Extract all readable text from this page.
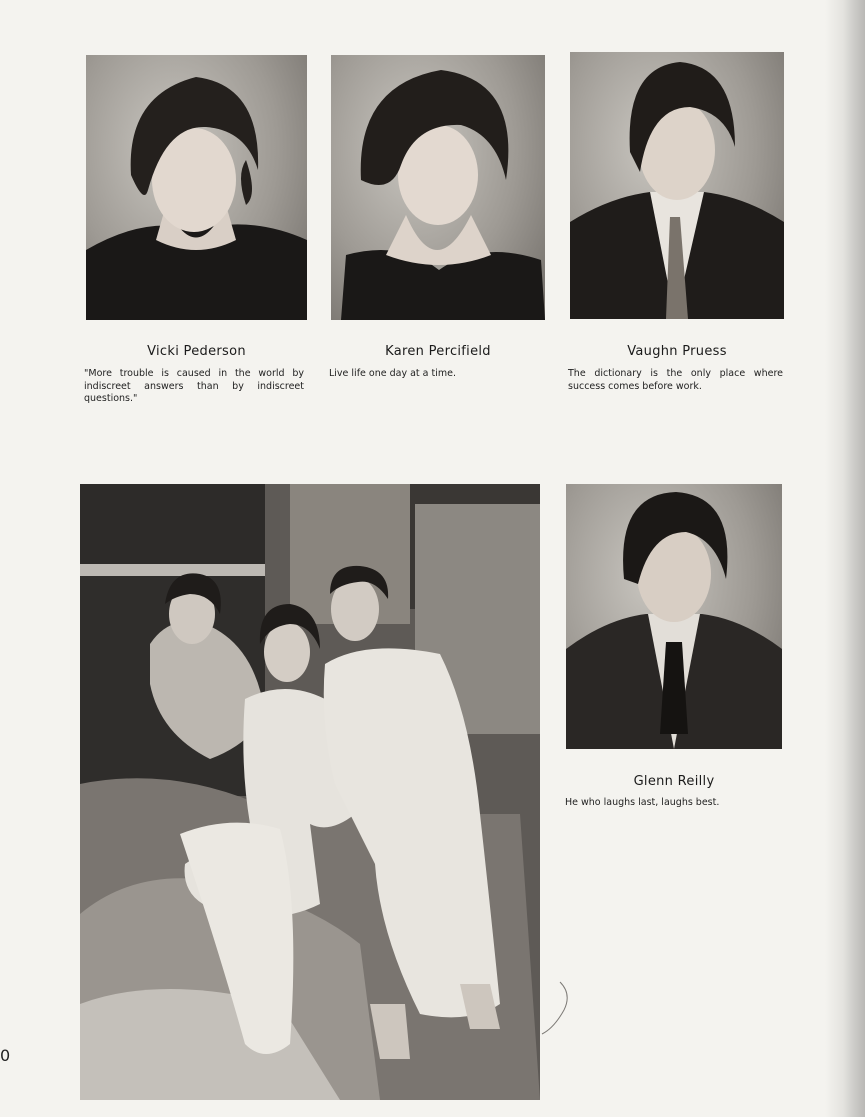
Vicki Pederson
"More trouble is caused in the world by indiscreet answers than by indiscreet questions."
Karen Percifield
Live life one day at a time.
Vaughn Pruess
The dictionary is the only place where success comes before work.
Glenn Reilly
He who laughs last, laughs best.
0
